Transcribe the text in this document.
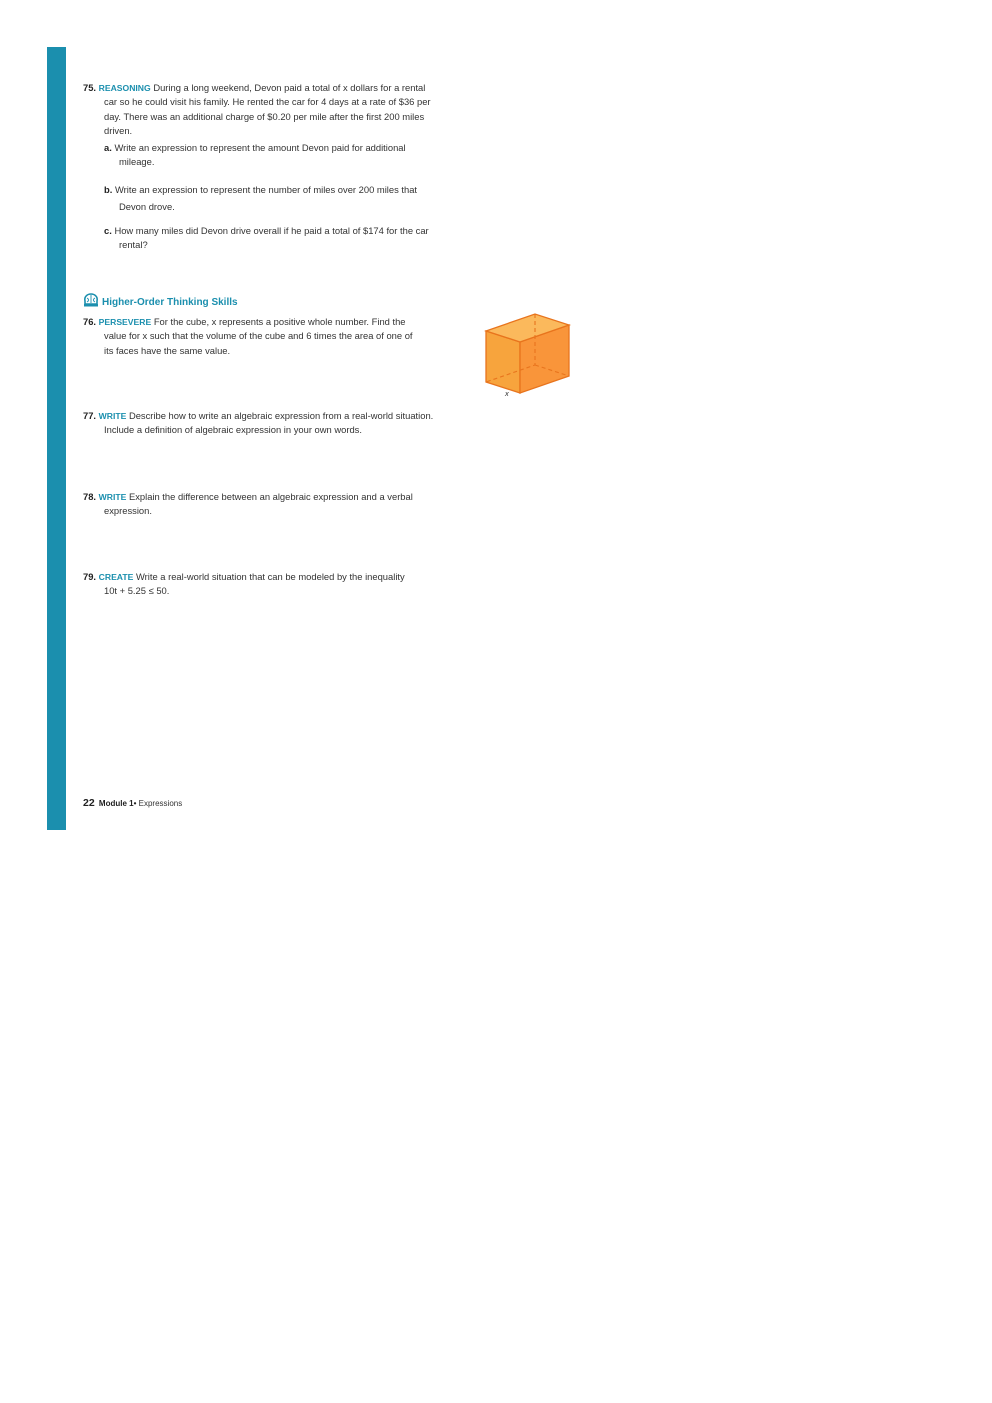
75. REASONING During a long weekend, Devon paid a total of x dollars for a rental
car so he could visit his family. He rented the car for 4 days at a rate of $36 per
day. There was an additional charge of $0.20 per mile after the first 200 miles
driven.
a. Write an expression to represent the amount Devon paid for additional
mileage.
b. Write an expression to represent the number of miles over 200 miles that
Devon drove.
c. How many miles did Devon drive overall if he paid a total of $174 for the car
rental?
Higher-Order Thinking Skills
76. PERSEVERE For the cube, x represents a positive whole number. Find the
value for x such that the volume of the cube and 6 times the area of one of
its faces have the same value.
x
77. WRITE Describe how to write an algebraic expression from a real-world situation.
Include a definition of algebraic expression in your own words.
78. WRITE Explain the difference between an algebraic expression and a verbal
expression.
79. CREATE Write a real-world situation that can be modeled by the inequality
10t + 5.25 ≤ 50.
22 Module 1• Expressions
